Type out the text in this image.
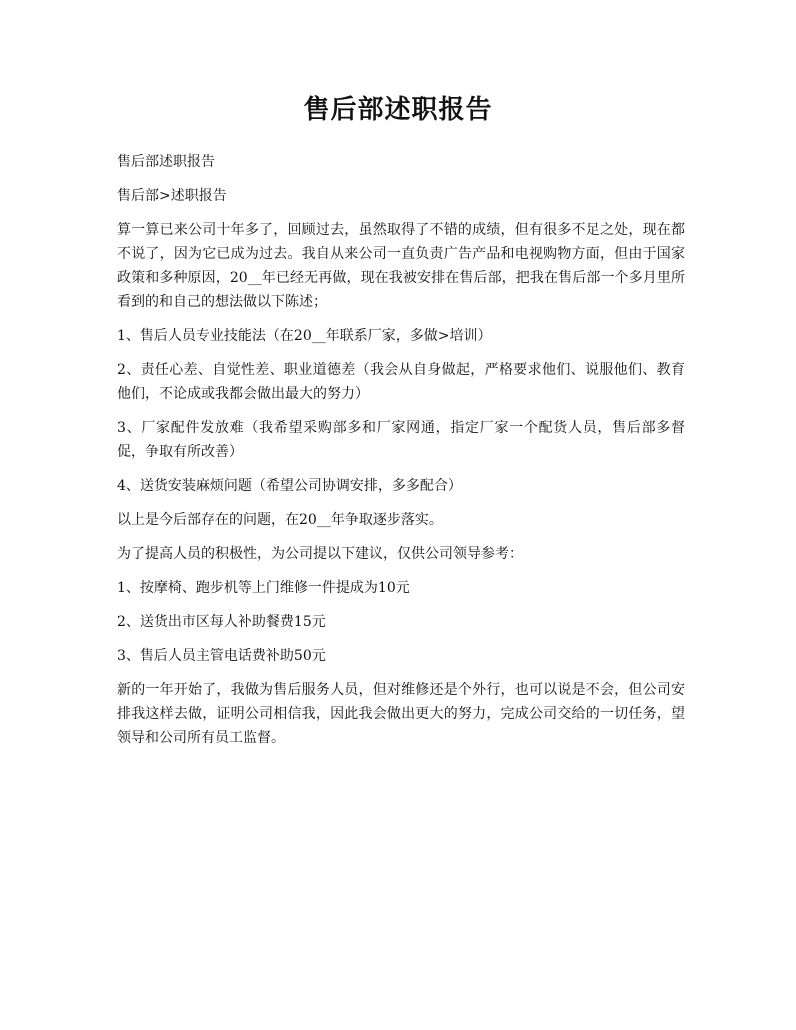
售后部述职报告

售后部述职报告

售后部>述职报告

算一算已来公司十年多了，回顾过去，虽然取得了不错的成绩，但有很多不足之处，现在都不说了，因为它已成为过去。我自从来公司一直负责广告产品和电视购物方面，但由于国家政策和多种原因，20__年已经无再做，现在我被安排在售后部，把我在售后部一个多月里所看到的和自己的想法做以下陈述；

1、售后人员专业技能法（在20__年联系厂家，多做>培训）

2、责任心差、自觉性差、职业道德差（我会从自身做起，严格要求他们、说服他们、教育他们，不论成或我都会做出最大的努力）

3、厂家配件发放难（我希望采购部多和厂家网通，指定厂家一个配货人员，售后部多督促，争取有所改善）

4、送货安装麻烦问题（希望公司协调安排，多多配合）

以上是今后部存在的问题，在20__年争取逐步落实。

为了提高人员的积极性，为公司提以下建议，仅供公司领导参考：

1、按摩椅、跑步机等上门维修一件提成为10元

2、送货出市区每人补助餐费15元

3、售后人员主管电话费补助50元

新的一年开始了，我做为售后服务人员，但对维修还是个外行，也可以说是不会，但公司安排我这样去做，证明公司相信我，因此我会做出更大的努力，完成公司交给的一切任务，望领导和公司所有员工监督。
